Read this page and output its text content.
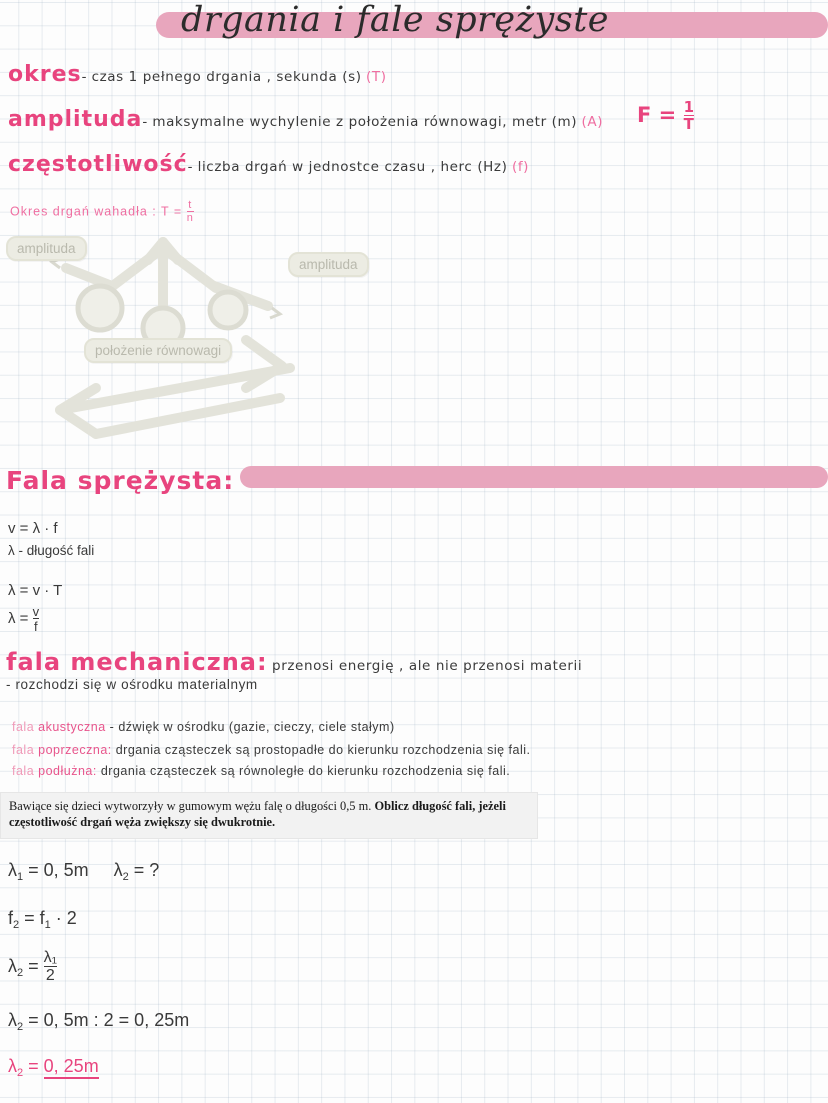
drgania i fale sprężyste
okres- czas 1 pełnego drgania , sekunda (s) (T)
amplituda- maksymalne wychylenie z położenia równowagi, metr (m) (A)
częstotliwość- liczba drgań w jednostce czasu , herc (Hz) (f)
$F = \frac{1}{T}$
Okres drgań wahadła : $T = \frac{t}{n}$
amplituda
amplituda
położenie równowagi
Fala sprężysta:
v = λ · f
λ - długość fali
λ = v · T
$\lambda = \frac{v}{f}$
fala mechaniczna: przenosi energię , ale nie przenosi materii
- rozchodzi się w ośrodku materialnym
fala akustyczna - dźwięk w ośrodku (gazie, cieczy, ciele stałym)
fala poprzeczna: drgania cząsteczek są prostopadłe do kierunku rozchodzenia się fali.
fala podłużna: drgania cząsteczek są równoległe do kierunku rozchodzenia się fali.
Bawiące się dzieci wytworzyły w gumowym wężu falę o długości 0,5 m. Oblicz długość fali, jeżeli częstotliwość drgań węża zwiększy się dwukrotnie.
$\lambda_1 = 0$, 5m $\lambda_2$ = ?
$f_2 = f_1 \cdot 2$
$\lambda_2 = \frac{\text{λ₁}}{2}$
$\lambda_2 = 0$, 5m : 2 = 0, 25m
$\lambda_2 = 0$, 25m
